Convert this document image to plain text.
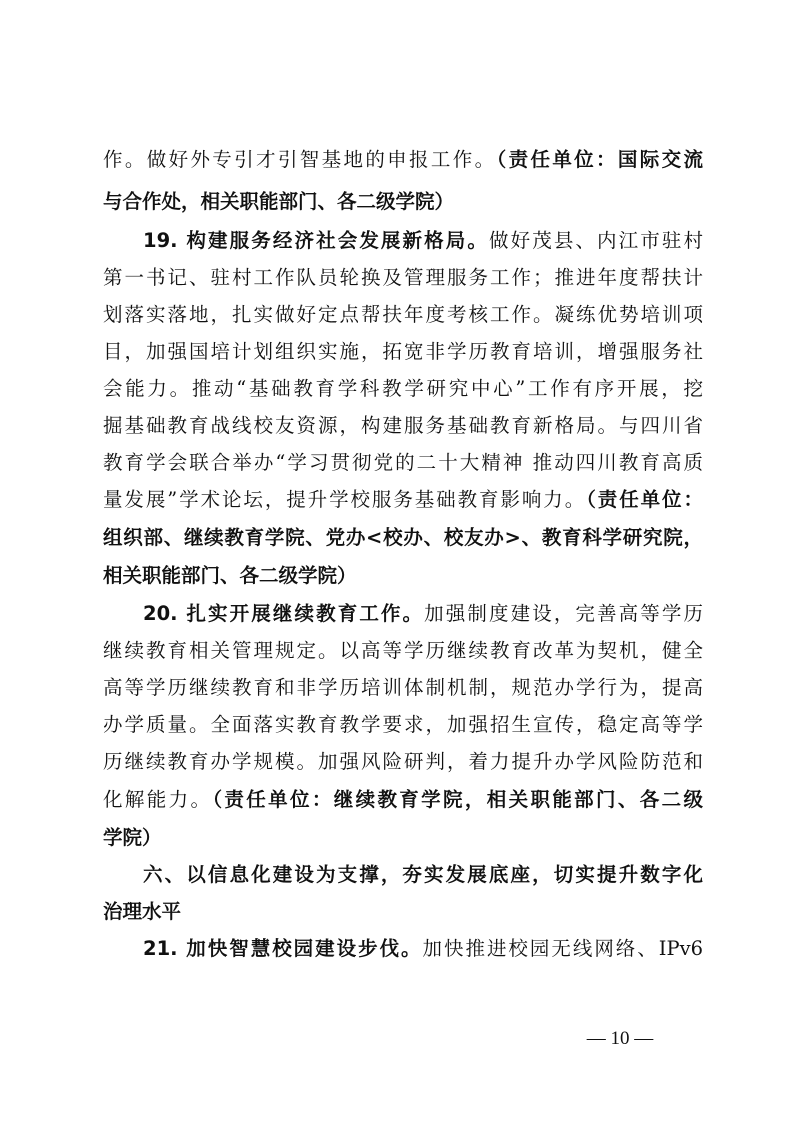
作。做好外专引才引智基地的申报工作。（责任单位：国际交流
与合作处，相关职能部门、各二级学院）
19. 构建服务经济社会发展新格局。做好茂县、内江市驻村
第一书记、驻村工作队员轮换及管理服务工作；推进年度帮扶计
划落实落地，扎实做好定点帮扶年度考核工作。凝练优势培训项
目，加强国培计划组织实施，拓宽非学历教育培训，增强服务社
会能力。推动“基础教育学科教学研究中心”工作有序开展，挖
掘基础教育战线校友资源，构建服务基础教育新格局。与四川省
教育学会联合举办“学习贯彻党的二十大精神 推动四川教育高质
量发展”学术论坛，提升学校服务基础教育影响力。（责任单位：
组织部、继续教育学院、党办<校办、校友办>、教育科学研究院，
相关职能部门、各二级学院）
20. 扎实开展继续教育工作。加强制度建设，完善高等学历
继续教育相关管理规定。以高等学历继续教育改革为契机，健全
高等学历继续教育和非学历培训体制机制，规范办学行为，提高
办学质量。全面落实教育教学要求，加强招生宣传，稳定高等学
历继续教育办学规模。加强风险研判，着力提升办学风险防范和
化解能力。（责任单位：继续教育学院，相关职能部门、各二级
学院）
六、以信息化建设为支撑，夯实发展底座，切实提升数字化
治理水平
21. 加快智慧校园建设步伐。加快推进校园无线网络、IPv6
— 10 —
